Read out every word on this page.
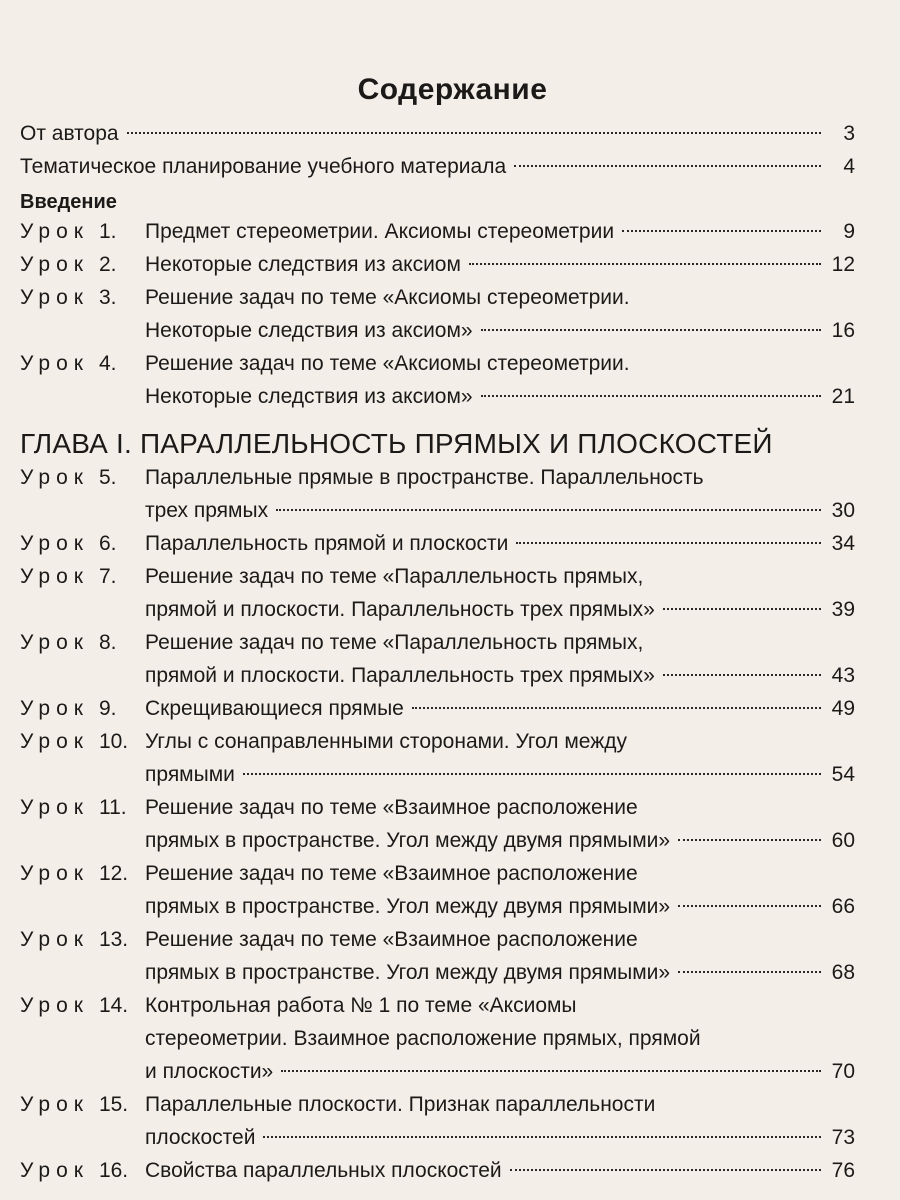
Содержание
От автора	3
Тематическое планирование учебного материала	4
Введение
Урок 1. Предмет стереометрии. Аксиомы стереометрии	9
Урок 2. Некоторые следствия из аксиом	12
Урок 3. Решение задач по теме «Аксиомы стереометрии.
Некоторые следствия из аксиом»	16
Урок 4. Решение задач по теме «Аксиомы стереометрии.
Некоторые следствия из аксиом»	21
ГЛАВА I. ПАРАЛЛЕЛЬНОСТЬ ПРЯМЫХ И ПЛОСКОСТЕЙ
Урок 5. Параллельные прямые в пространстве. Параллельность
трех прямых	30
Урок 6. Параллельность прямой и плоскости	34
Урок 7. Решение задач по теме «Параллельность прямых,
прямой и плоскости. Параллельность трех прямых»	39
Урок 8. Решение задач по теме «Параллельность прямых,
прямой и плоскости. Параллельность трех прямых»	43
Урок 9. Скрещивающиеся прямые	49
Урок 10. Углы с сонаправленными сторонами. Угол между
прямыми	54
Урок 11. Решение задач по теме «Взаимное расположение
прямых в пространстве. Угол между двумя прямыми»	60
Урок 12. Решение задач по теме «Взаимное расположение
прямых в пространстве. Угол между двумя прямыми»	66
Урок 13. Решение задач по теме «Взаимное расположение
прямых в пространстве. Угол между двумя прямыми»	68
Урок 14. Контрольная работа № 1 по теме «Аксиомы
стереометрии. Взаимное расположение прямых, прямой
и плоскости»	70
Урок 15. Параллельные плоскости. Признак параллельности
плоскостей	73
Урок 16. Свойства параллельных плоскостей	76
